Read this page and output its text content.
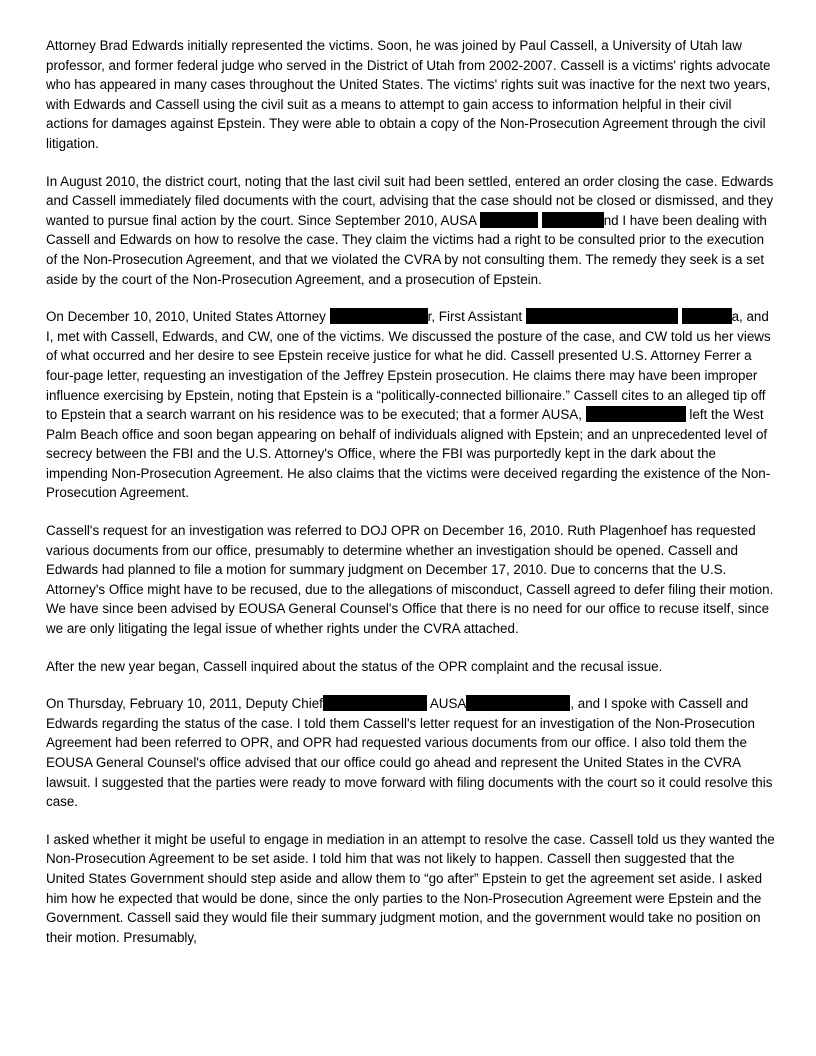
Attorney Brad Edwards initially represented the victims. Soon, he was joined by Paul Cassell, a University of Utah law professor, and former federal judge who served in the District of Utah from 2002-2007. Cassell is a victims' rights advocate who has appeared in many cases throughout the United States. The victims' rights suit was inactive for the next two years, with Edwards and Cassell using the civil suit as a means to attempt to gain access to information helpful in their civil actions for damages against Epstein. They were able to obtain a copy of the Non-Prosecution Agreement through the civil litigation.

In August 2010, the district court, noting that the last civil suit had been settled, entered an order closing the case. Edwards and Cassell immediately filed documents with the court, advising that the case should not be closed or dismissed, and they wanted to pursue final action by the court. Since September 2010, AUSA	nd I have been dealing with Cassell and Edwards on how to resolve the case. They claim the victims had a right to be consulted prior to the execution of the Non-Prosecution Agreement, and that we violated the CVRA by not consulting them. The remedy they seek is a set aside by the court of the Non-Prosecution Agreement, and a prosecution of Epstein.

On December 10, 2010, United States Attorney	r, First Assistant	a, and I, met with Cassell, Edwards, and CW, one of the victims. We discussed the posture of the case, and CW told us her views of what occurred and her desire to see Epstein receive justice for what he did. Cassell presented U.S. Attorney Ferrer a four-page letter, requesting an investigation of the Jeffrey Epstein prosecution. He claims there may have been improper influence exercising by Epstein, noting that Epstein is a “politically-connected billionaire.” Cassell cites to an alleged tip off to Epstein that a search warrant on his residence was to be executed; that a former AUSA,	left the West Palm Beach office and soon began appearing on behalf of individuals aligned with Epstein; and an unprecedented level of secrecy between the FBI and the U.S. Attorney's Office, where the FBI was purportedly kept in the dark about the impending Non-Prosecution Agreement. He also claims that the victims were deceived regarding the existence of the Non-Prosecution Agreement.

Cassell's request for an investigation was referred to DOJ OPR on December 16, 2010. Ruth Plagenhoef has requested various documents from our office, presumably to determine whether an investigation should be opened. Cassell and Edwards had planned to file a motion for summary judgment on December 17, 2010. Due to concerns that the U.S. Attorney's Office might have to be recused, due to the allegations of misconduct, Cassell agreed to defer filing their motion. We have since been advised by EOUSA General Counsel's Office that there is no need for our office to recuse itself, since we are only litigating the legal issue of whether rights under the CVRA attached.

After the new year began, Cassell inquired about the status of the OPR complaint and the recusal issue.

On Thursday, February 10, 2011, Deputy Chief	AUSA	, and I spoke with Cassell and Edwards regarding the status of the case. I told them Cassell's letter request for an investigation of the Non-Prosecution Agreement had been referred to OPR, and OPR had requested various documents from our office. I also told them the EOUSA General Counsel's office advised that our office could go ahead and represent the United States in the CVRA lawsuit. I suggested that the parties were ready to move forward with filing documents with the court so it could resolve this case.

I asked whether it might be useful to engage in mediation in an attempt to resolve the case. Cassell told us they wanted the Non-Prosecution Agreement to be set aside. I told him that was not likely to happen. Cassell then suggested that the United States Government should step aside and allow them to “go after” Epstein to get the agreement set aside. I asked him how he expected that would be done, since the only parties to the Non-Prosecution Agreement were Epstein and the Government. Cassell said they would file their summary judgment motion, and the government would take no position on their motion. Presumably,
